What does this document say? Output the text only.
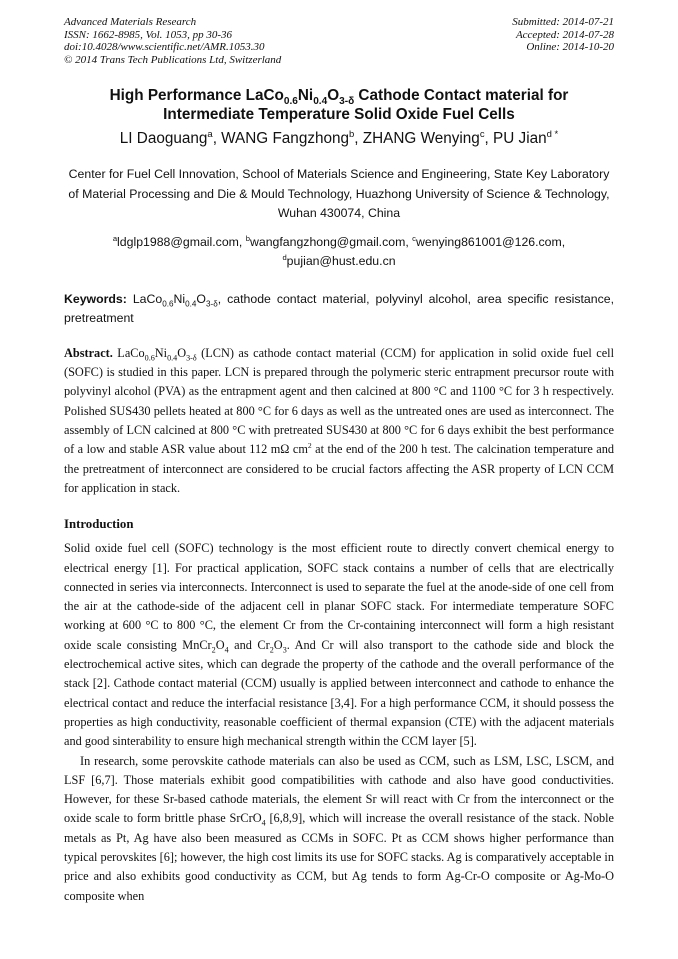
Advanced Materials Research
ISSN: 1662-8985, Vol. 1053, pp 30-36
doi:10.4028/www.scientific.net/AMR.1053.30
© 2014 Trans Tech Publications Ltd, Switzerland
Submitted: 2014-07-21
Accepted: 2014-07-28
Online: 2014-10-20
High Performance $LaCo_{0.6}Ni_{0.4}O_{3-\delta}$ Cathode Contact material for
Intermediate Temperature Solid Oxide Fuel Cells
LI Daoguang$^a$, WANG Fangzhong$^b$, ZHANG Wenying$^c$, PU Jian$^{d *}$
Center for Fuel Cell Innovation, School of Materials Science and Engineering, State Key Laboratory
of Material Processing and Die & Mould Technology, Huazhong University of Science & Technology,
Wuhan 430074, China
$^a$ldglp1988@gmail.com, $^b$wangfangzhong@gmail.com, $^c$wenying861001@126.com,
$^d$pujian@hust.edu.cn
Keywords: $LaCo_{0.6}Ni_{0.4}O_{3-\delta}$, cathode contact material, polyvinyl alcohol, area specific resistance, pretreatment
Abstract. $LaCo_{0.6}Ni_{0.4}O_{3-\delta}$ (LCN) as cathode contact material (CCM) for application in solid oxide fuel cell (SOFC) is studied in this paper. LCN is prepared through the polymeric steric entrapment precursor route with polyvinyl alcohol (PVA) as the entrapment agent and then calcined at 800 °C and 1100 °C for 3 h respectively. Polished SUS430 pellets heated at 800 °C for 6 days as well as the untreated ones are used as interconnect. The assembly of LCN calcined at 800 °C with pretreated SUS430 at 800 °C for 6 days exhibit the best performance of a low and stable ASR value about 112 mΩ $cm^2$ at the end of the 200 h test. The calcination temperature and the pretreatment of interconnect are considered to be crucial factors affecting the ASR property of LCN CCM for application in stack.
Introduction
Solid oxide fuel cell (SOFC) technology is the most efficient route to directly convert chemical energy to electrical energy [1]. For practical application, SOFC stack contains a number of cells that are electrically connected in series via interconnects. Interconnect is used to separate the fuel at the anode-side of one cell from the air at the cathode-side of the adjacent cell in planar SOFC stack. For intermediate temperature SOFC working at 600 °C to 800 °C, the element Cr from the Cr-containing interconnect will form a high resistant oxide scale consisting $MnCr_2O_4$ and $Cr_2O_3$. And Cr will also transport to the cathode side and block the electrochemical active sites, which can degrade the property of the cathode and the overall performance of the stack [2]. Cathode contact material (CCM) usually is applied between interconnect and cathode to enhance the electrical contact and reduce the interfacial resistance [3,4]. For a high performance CCM, it should possess the properties as high conductivity, reasonable coefficient of thermal expansion (CTE) with the adjacent materials and good sinterability to ensure high mechanical strength within the CCM layer [5].
In research, some perovskite cathode materials can also be used as CCM, such as LSM, LSC, LSCM, and LSF [6,7]. Those materials exhibit good compatibilities with cathode and also have good conductivities. However, for these Sr-based cathode materials, the element Sr will react with Cr from the interconnect or the oxide scale to form brittle phase SrCrO$_4$ [6,8,9], which will increase the overall resistance of the stack. Noble metals as Pt, Ag have also been measured as CCMs in SOFC. Pt as CCM shows higher performance than typical perovskites [6]; however, the high cost limits its use for SOFC stacks. Ag is comparatively acceptable in price and also exhibits good conductivity as CCM, but Ag tends to form Ag-Cr-O composite or Ag-Mo-O composite when
